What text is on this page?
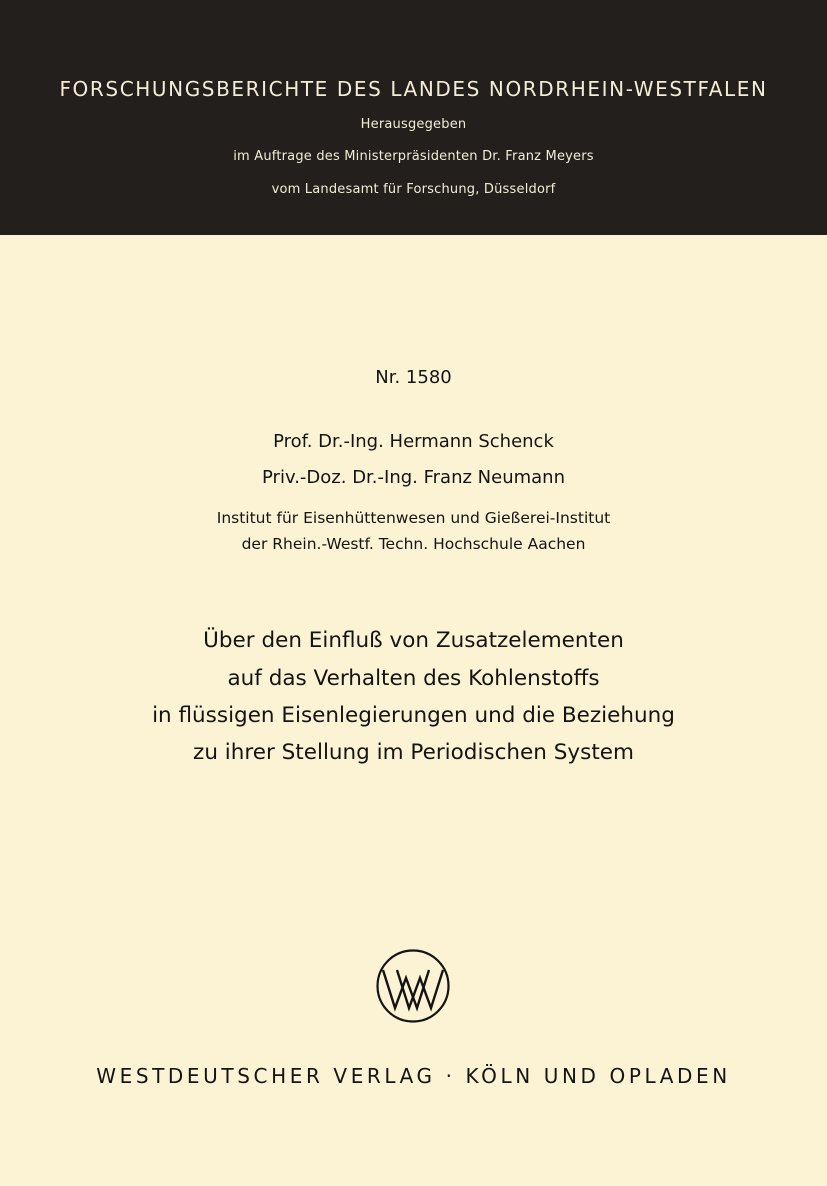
FORSCHUNGSBERICHTE DES LANDES NORDRHEIN-WESTFALEN
Herausgegeben
im Auftrage des Ministerpräsidenten Dr. Franz Meyers
vom Landesamt für Forschung, Düsseldorf
Nr. 1580
Prof. Dr.-Ing. Hermann Schenck
Priv.-Doz. Dr.-Ing. Franz Neumann
Institut für Eisenhüttenwesen und Gießerei-Institut
der Rhein.-Westf. Techn. Hochschule Aachen
Über den Einfluß von Zusatzelementen
auf das Verhalten des Kohlenstoffs
in flüssigen Eisenlegierungen und die Beziehung
zu ihrer Stellung im Periodischen System
WESTDEUTSCHER VERLAG · KÖLN UND OPLADEN
